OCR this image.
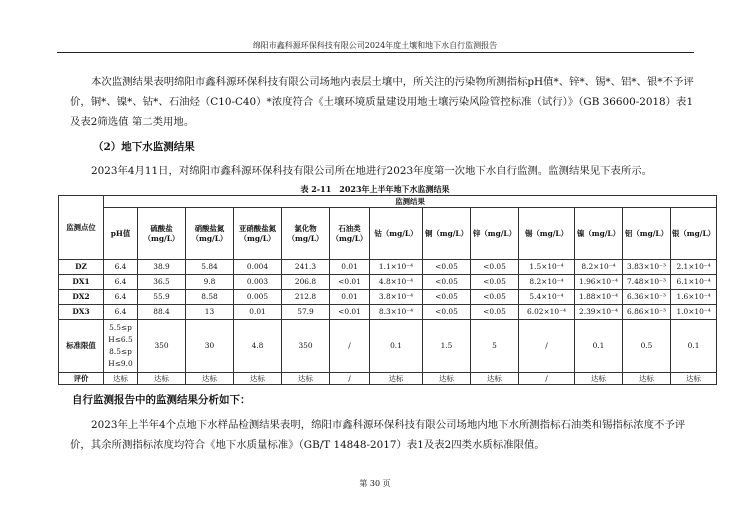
绵阳市鑫科源环保科技有限公司2024年度土壤和地下水自行监测报告
本次监测结果表明绵阳市鑫科源环保科技有限公司场地内表层土壤中，所关注的污染物所测指标pH值*、锌*、锡*、铝*、银*不予评价，铜*、镍*、钴*、石油烃（C10-C40）*浓度符合《土壤环境质量建设用地土壤污染风险管控标准（试行）》（GB 36600-2018）表1及表2筛选值 第二类用地。
（2）地下水监测结果
2023年4月11日，对绵阳市鑫科源环保科技有限公司所在地进行2023年度第一次地下水自行监测。监测结果见下表所示。
表 2-11　2023年上半年地下水监测结果
监测点位	监测结果												
	pH值	硫酸盐（mg/L）	硝酸盐氮（mg/L）	亚硝酸盐氮（mg/L）	氯化物（mg/L）	石油类（mg/L）	钴（mg/L）	铜（mg/L）	锌（mg/L）	锡（mg/L）	镍（mg/L）	铝（mg/L）	银（mg/L）
DZ	6.4	38.9	5.84	0.004	241.3	0.01	1.1×10⁻⁴	<0.05	<0.05	1.5×10⁻⁴	8.2×10⁻⁴	3.83×10⁻³	2.1×10⁻⁴
DX1	6.4	36.5	9.8	0.003	206.8	<0.01	4.8×10⁻⁴	<0.05	<0.05	8.2×10⁻⁴	1.96×10⁻⁴	7.48×10⁻³	6.1×10⁻⁴
DX2	6.4	55.9	8.58	0.005	212.8	0.01	3.8×10⁻⁴	<0.05	<0.05	5.4×10⁻⁴	1.88×10⁻⁴	6.36×10⁻³	1.6×10⁻⁴
DX3	6.4	88.4	13	0.01	57.9	<0.01	8.3×10⁻⁴	<0.05	<0.05	6.02×10⁻⁴	2.39×10⁻⁴	6.86×10⁻³	1.0×10⁻⁴
标准限值	5.5≤p
H≤6.5
8.5≤p
H≤9.0	350	30	4.8	350	/	0.1	1.5	5	/	0.1	0.5	0.1
评价	达标	达标	达标	达标	达标	/	达标	达标	达标	/	达标	达标	达标
自行监测报告中的监测结果分析如下：
2023年上半年4个点地下水样品检测结果表明，绵阳市鑫科源环保科技有限公司场地内地下水所测指标石油类和锡指标浓度不予评价，其余所测指标浓度均符合《地下水质量标准》（GB/T 14848-2017）表1及表2四类水质标准限值。
第 30 页
